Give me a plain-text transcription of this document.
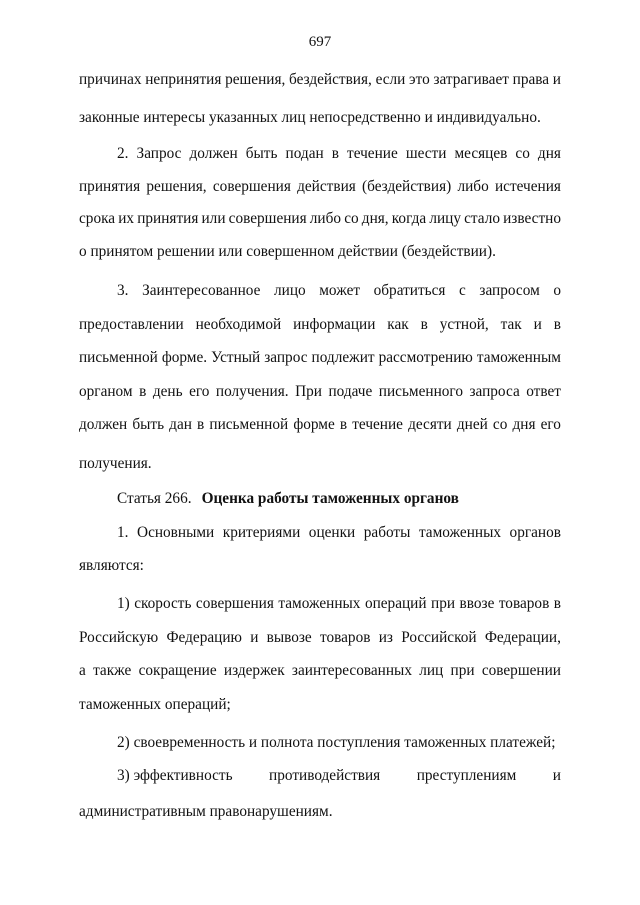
697
причинах непринятия решения, бездействия, если это затрагивает права и
законные интересы указанных лиц непосредственно и индивидуально.
2. Запрос должен быть подан в течение шести месяцев со дня
принятия решения, совершения действия (бездействия) либо истечения
срока их принятия или совершения либо со дня, когда лицу стало известно
о принятом решении или совершенном действии (бездействии).
3. Заинтересованное лицо может обратиться с запросом о
предоставлении необходимой информации как в устной, так и в
письменной форме. Устный запрос подлежит рассмотрению таможенным
органом в день его получения. При подаче письменного запроса ответ
должен быть дан в письменной форме в течение десяти дней со дня его
получения.
Статья 266. Оценка работы таможенных органов
1. Основными критериями оценки работы таможенных органов
являются:
1) скорость совершения таможенных операций при ввозе товаров в
Российскую Федерацию и вывозе товаров из Российской Федерации,
а также сокращение издержек заинтересованных лиц при совершении
таможенных операций;
2) своевременность и полнота поступления таможенных платежей;
3) эффективность противодействия преступлениям и
административным правонарушениям.
